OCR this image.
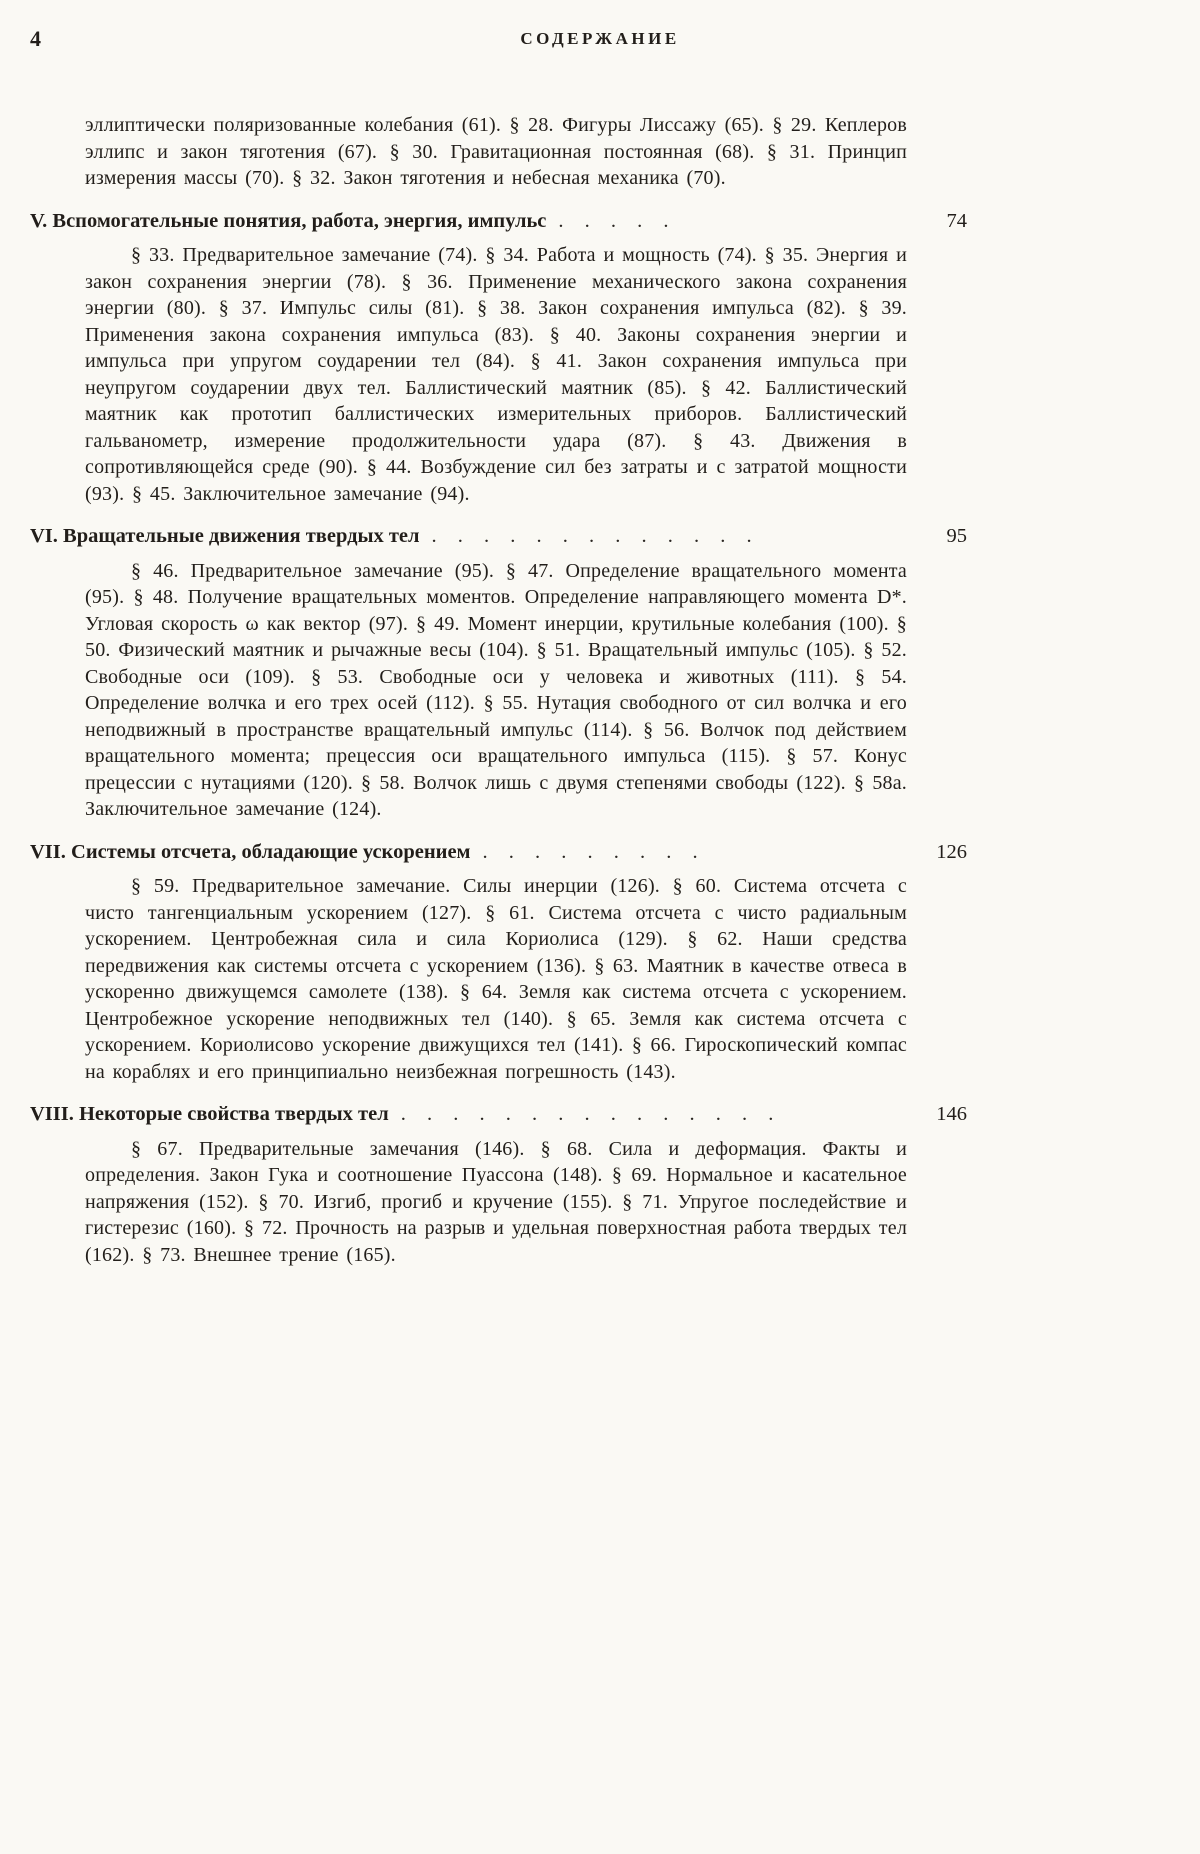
4	СОДЕРЖАНИЕ

эллиптически поляризованные колебания (61). § 28. Фигуры Лиссажу (65). § 29. Кеплеров эллипс и закон тяготения (67). § 30. Гравитационная постоянная (68). § 31. Принцип измерения массы (70). § 32. Закон тяготения и небесная механика (70).

V. Вспомогательные понятия, работа, энергия, импульс . . . . .	74

§ 33. Предварительное замечание (74). § 34. Работа и мощность (74). § 35. Энергия и закон сохранения энергии (78). § 36. Применение механического закона сохранения энергии (80). § 37. Импульс силы (81). § 38. Закон сохранения импульса (82). § 39. Применения закона сохранения импульса (83). § 40. Законы сохранения энергии и импульса при упругом соударении тел (84). § 41. Закон сохранения импульса при неупругом соударении двух тел. Баллистический маятник (85). § 42. Баллистический маятник как прототип баллистических измерительных приборов. Баллистический гальванометр, измерение продолжительности удара (87). § 43. Движения в сопротивляющейся среде (90). § 44. Возбуждение сил без затраты и с затратой мощности (93). § 45. Заключительное замечание (94).

VI. Вращательные движения твердых тел . . . . . . . . . . . . .	95

§ 46. Предварительное замечание (95). § 47. Определение вращательного момента (95). § 48. Получение вращательных моментов. Определение направляющего момента D*. Угловая скорость ω как вектор (97). § 49. Момент инерции, крутильные колебания (100). § 50. Физический маятник и рычажные весы (104). § 51. Вращательный импульс (105). § 52. Свободные оси (109). § 53. Свободные оси у человека и животных (111). § 54. Определение волчка и его трех осей (112). § 55. Нутация свободного от сил волчка и его неподвижный в пространстве вращательный импульс (114). § 56. Волчок под действием вращательного момента; прецессия оси вращательного импульса (115). § 57. Конус прецессии с нутациями (120). § 58. Волчок лишь с двумя степенями свободы (122). § 58а. Заключительное замечание (124).

VII. Системы отсчета, обладающие ускорением . . . . . . . . .	126

§ 59. Предварительное замечание. Силы инерции (126). § 60. Система отсчета с чисто тангенциальным ускорением (127). § 61. Система отсчета с чисто радиальным ускорением. Центробежная сила и сила Кориолиса (129). § 62. Наши средства передвижения как системы отсчета с ускорением (136). § 63. Маятник в качестве отвеса в ускоренно движущемся самолете (138). § 64. Земля как система отсчета с ускорением. Центробежное ускорение неподвижных тел (140). § 65. Земля как система отсчета с ускорением. Кориолисово ускорение движущихся тел (141). § 66. Гироскопический компас на кораблях и его принципиально неизбежная погрешность (143).

VIII. Некоторые свойства твердых тел . . . . . . . . . . . . . . .	146

§ 67. Предварительные замечания (146). § 68. Сила и деформация. Факты и определения. Закон Гука и соотношение Пуассона (148). § 69. Нормальное и касательное напряжения (152). § 70. Изгиб, прогиб и кручение (155). § 71. Упругое последействие и гистерезис (160). § 72. Прочность на разрыв и удельная поверхностная работа твердых тел (162). § 73. Внешнее трение (165).
